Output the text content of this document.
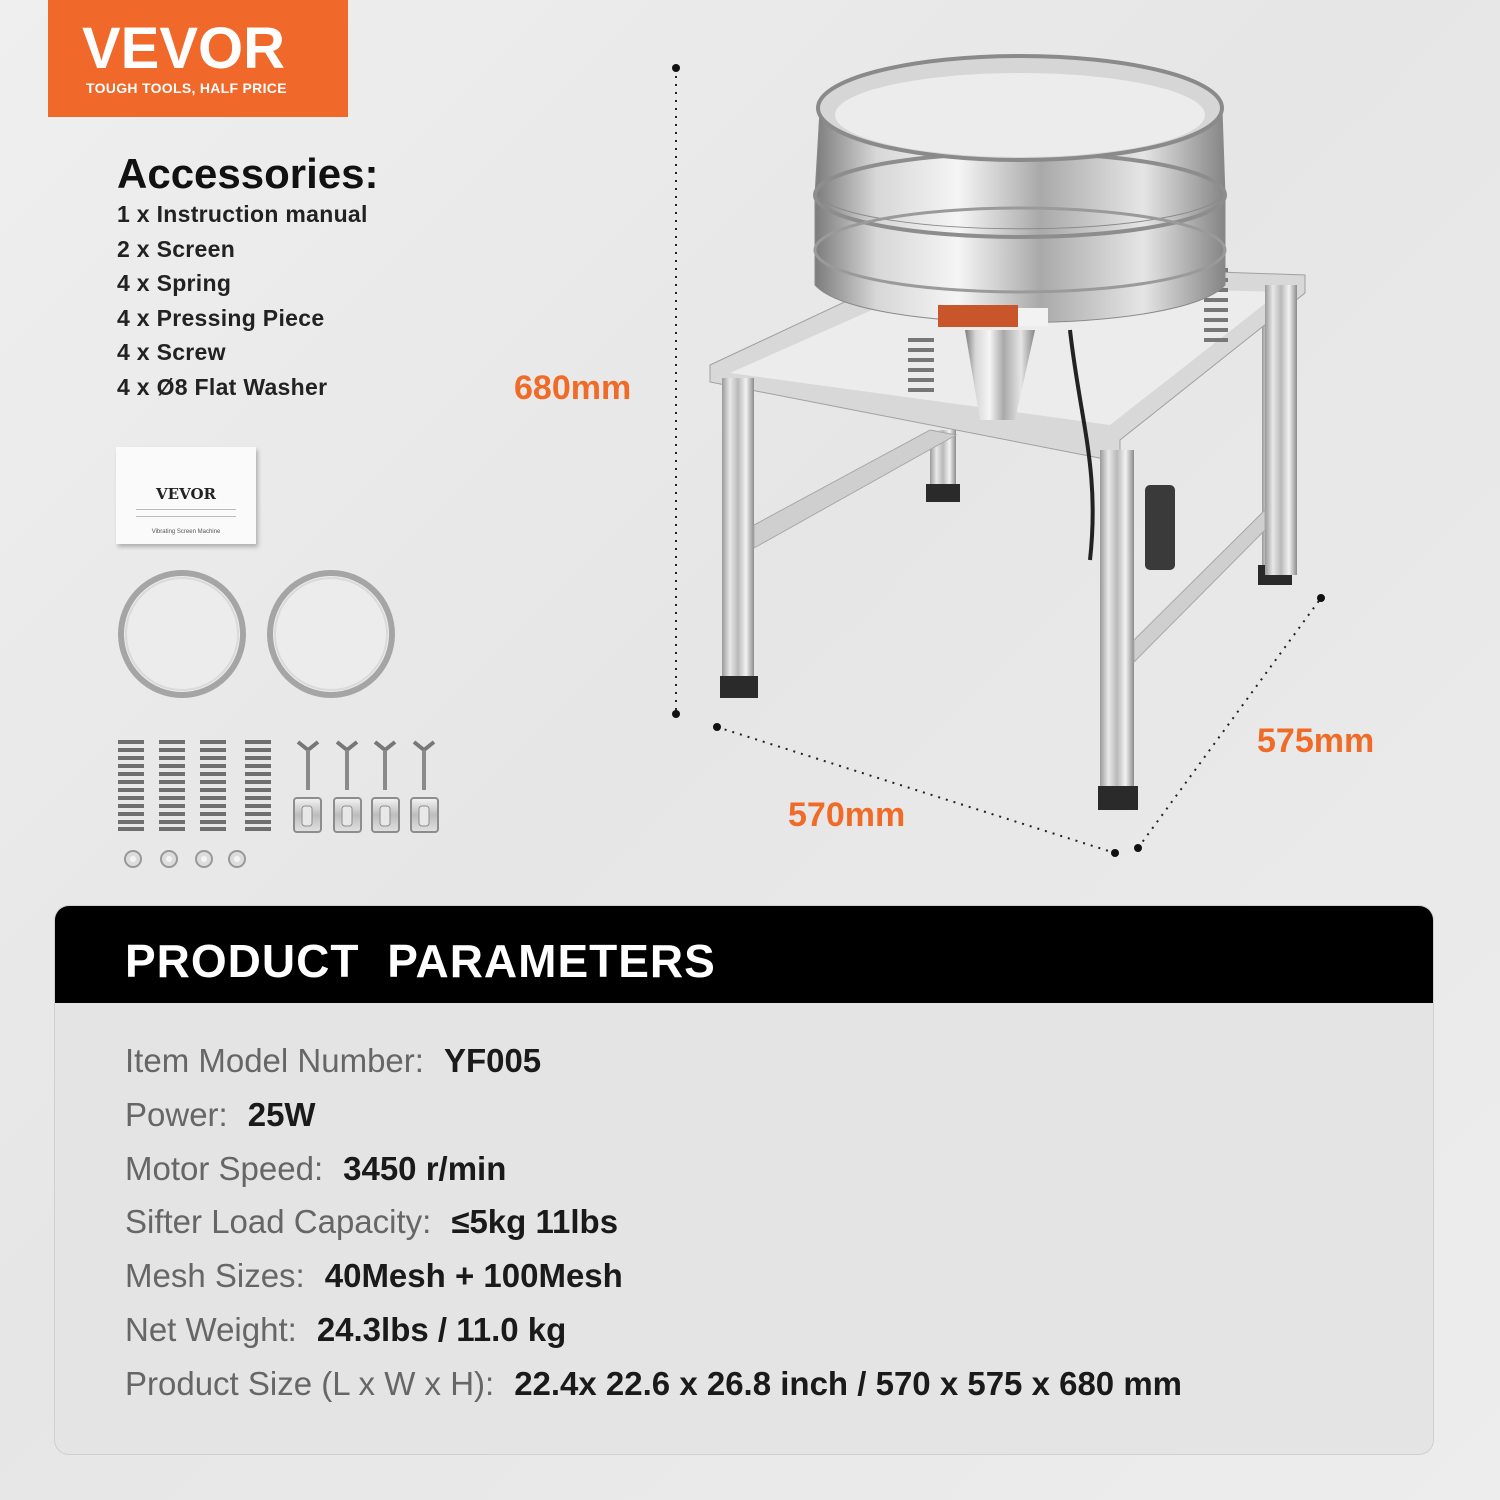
VEVOR
TOUGH TOOLS, HALF PRICE
Accessories:
1 x Instruction manual
2 x Screen
4 x Spring
4 x Pressing Piece
4 x Screw
4 x Ø8 Flat Washer
VEVOR
Vibrating Screen Machine
680mm
570mm
575mm
PRODUCT PARAMETERS
Item Model Number: YF005
Power: 25W
Motor Speed: 3450 r/min
Sifter Load Capacity: ≤5kg 11lbs
Mesh Sizes: 40Mesh + 100Mesh
Net Weight: 24.3lbs / 11.0 kg
Product Size (L x W x H): 22.4x 22.6 x 26.8 inch / 570 x 575 x 680 mm
